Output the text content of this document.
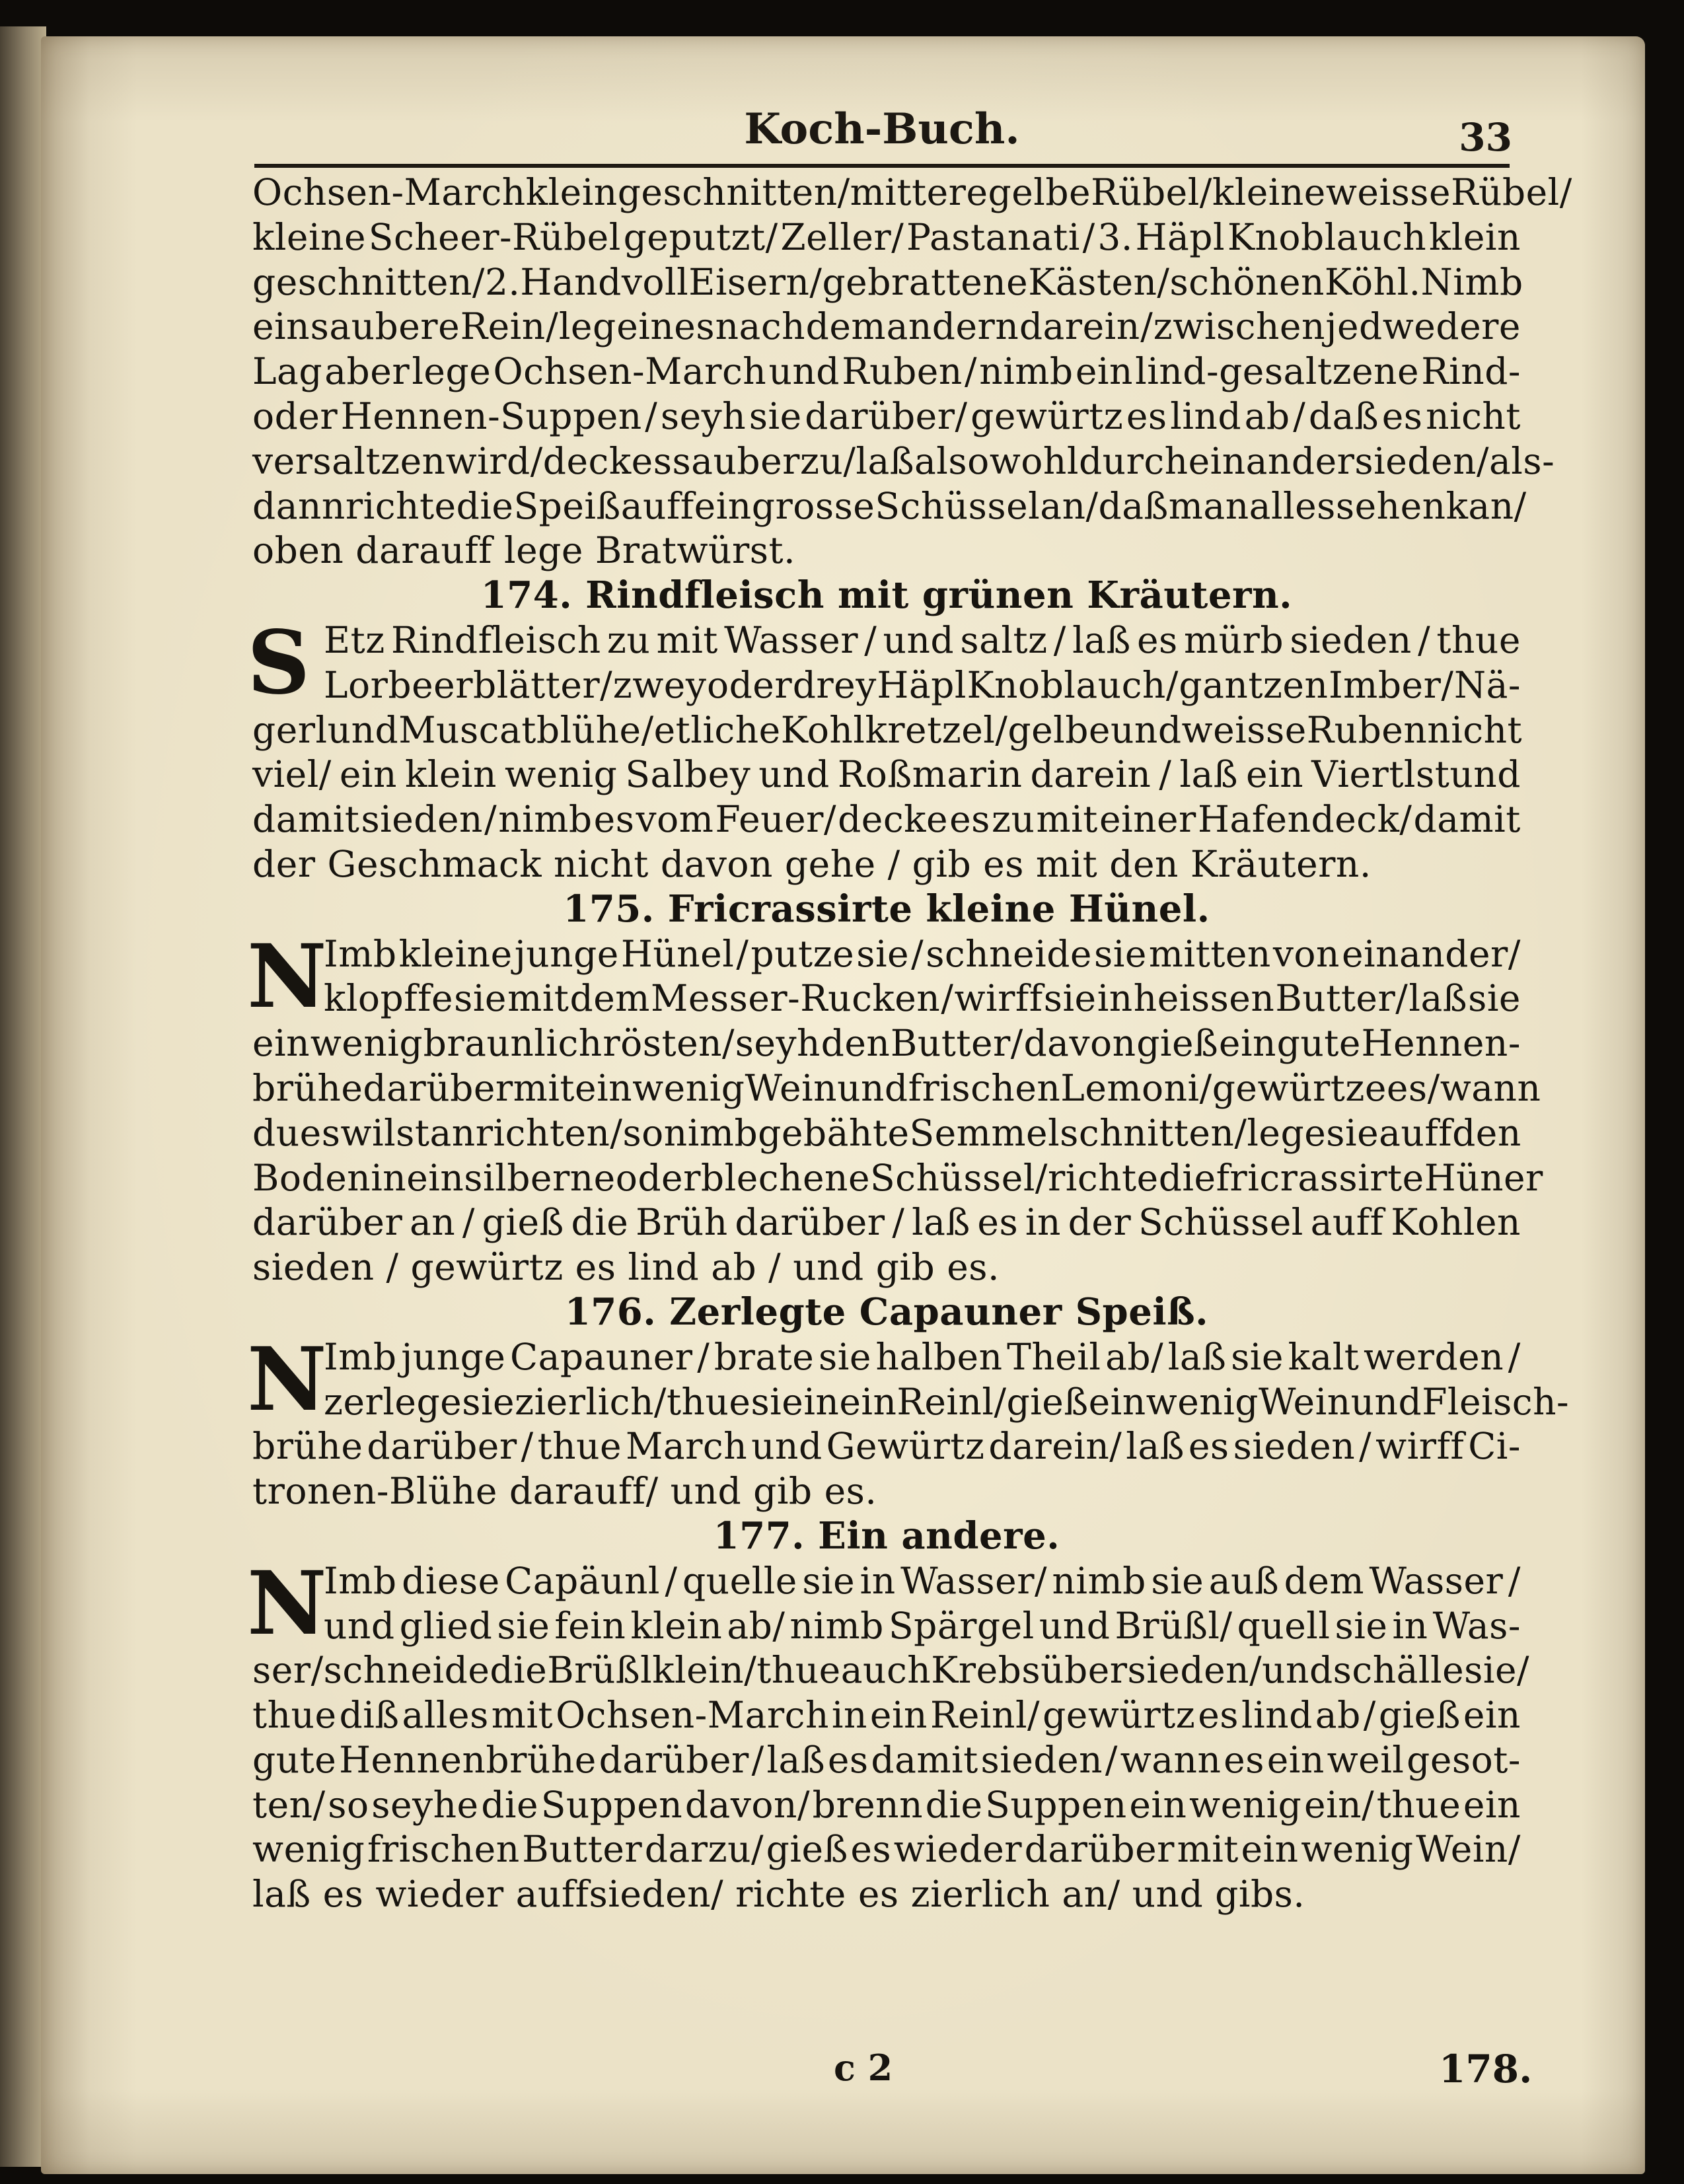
Koch-Buch.	33
Ochsen-March klein geschnitten/ mittere gelbe Rübel/ kleine weisse Rübel/
kleine Scheer-Rübel geputzt/ Zeller/ Pastanati / 3. Häpl Knoblauch klein
geschnitten/ 2. Hand voll Eisern/ gebrattene Kästen/ schönen Köhl. Nimb
ein saubere Rein / leg eines nach dem andern darein / zwischen jedwedere
Lag aber lege Ochsen-March und Ruben / nimb ein lind-gesaltzene Rind-
oder Hennen-Suppen / seyh sie darüber/ gewürtz es lind ab / daß es nicht
versaltzen wird/ deck es sauber zu/ laß also wohl durcheinander sieden/ als-
dann richte die Speiß auff ein grosse Schüssel an/ daß man alles sehen kan/
oben darauff lege Bratwürst.
174. Rindfleisch mit grünen Kräutern.
S Etz Rindfleisch zu mit Wasser / und saltz / laß es mürb sieden / thue
Lorbeerblätter/ zwey oder drey Häpl Knoblauch/ gantzen Imber/ Nä-
gerl und Muscatblühe / etliche Kohlkretzel / gelbe und weisse Ruben nicht
viel/ ein klein wenig Salbey und Roßmarin darein / laß ein Viertlstund
damit sieden / nimb es vom Feuer/ decke es zu mit einer Hafendeck/ damit
der Geschmack nicht davon gehe / gib es mit den Kräutern.
175. Fricrassirte kleine Hünel.
N
Imb kleine junge Hünel / putze sie / schneide sie mitten von einander/
klopffe sie mit dem Messer-Rucken / wirff sie in heissen Butter/ laß sie
ein wenig braunlich rösten/ seyh den Butter/ davon gieß ein gute Hennen-
brühe darüber mit ein wenig Wein und frischen Lemoni/ gewürtze es/ wann
du es wilst anrichten/ so nimb gebähte Semmelschnitten / lege sie auff den
Boden in ein silberne oder blechene Schüssel/ richte die fricrassirte Hüner
darüber an / gieß die Brüh darüber / laß es in der Schüssel auff Kohlen
sieden / gewürtz es lind ab / und gib es.
176. Zerlegte Capauner Speiß.
N
Imb junge Capauner / brate sie halben Theil ab/ laß sie kalt werden /
zerlege sie zierlich/ thue sie in ein Reinl/ gieß ein wenig Wein und Fleisch-
brühe darüber / thue March und Gewürtz darein/ laß es sieden / wirff Ci-
tronen-Blühe darauff/ und gib es.
177. Ein andere.
N
Imb diese Capäunl / quelle sie in Wasser/ nimb sie auß dem Wasser /
und glied sie fein klein ab/ nimb Spärgel und Brüßl/ quell sie in Was-
ser / schneide die Brüßl klein / thue auch Krebs übersieden/ und schälle sie/
thue diß alles mit Ochsen-March in ein Reinl/ gewürtz es lind ab / gieß ein
gute Hennenbrühe darüber / laß es damit sieden / wann es ein weil gesot-
ten/ so seyhe die Suppen davon/ brenn die Suppen ein wenig ein/ thue ein
wenig frischen Butter darzu/ gieß es wieder darüber mit ein wenig Wein/
laß es wieder auffsieden/ richte es zierlich an/ und gibs.
c 2	178.
